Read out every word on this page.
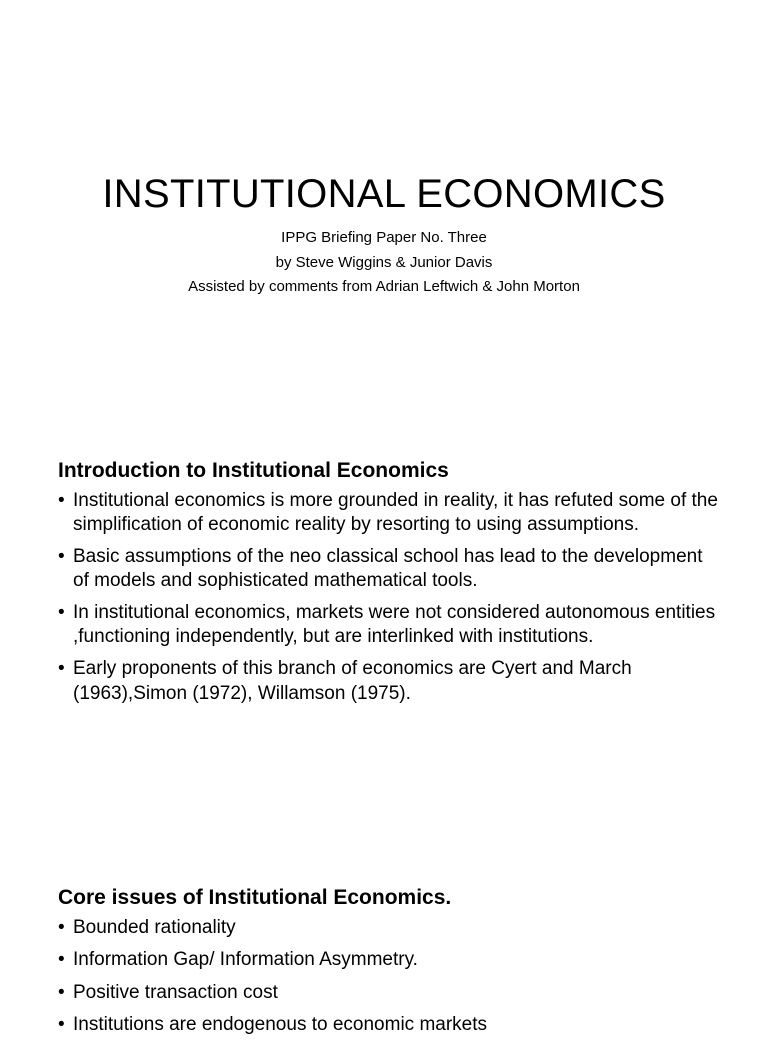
INSTITUTIONAL ECONOMICS
IPPG Briefing Paper No. Three
by Steve Wiggins & Junior Davis
Assisted by comments from Adrian Leftwich & John Morton
Introduction to Institutional Economics
• Institutional economics is more grounded in reality, it has refuted some of the simplification of economic reality by resorting to using assumptions.
• Basic assumptions of the neo classical school has lead to the development of models and sophisticated mathematical tools.
• In institutional economics, markets were not considered autonomous entities ,functioning independently, but are interlinked with institutions.
• Early proponents of this branch of economics are Cyert and March (1963),Simon (1972), Willamson (1975).
Core issues of Institutional Economics.
• Bounded rationality
• Information Gap/ Information Asymmetry.
• Positive transaction cost
• Institutions are endogenous to economic markets
